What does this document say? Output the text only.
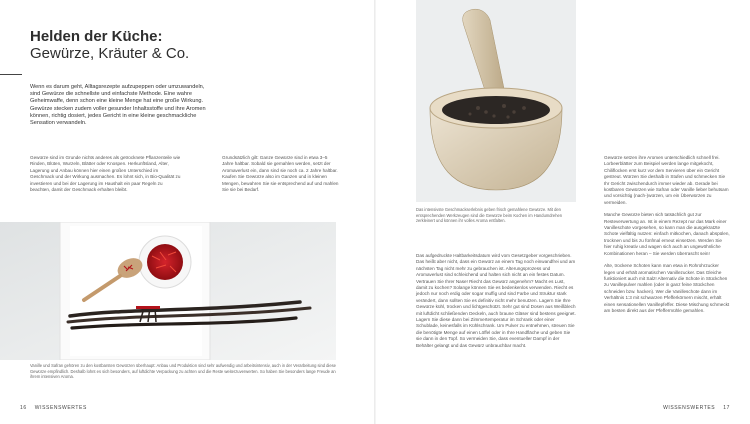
Helden der Küche:
Gewürze, Kräuter & Co.
Wenn es darum geht, Alltagsrezepte aufzupeppen oder umzuwandeln, sind Gewürze die schnellste und einfachste Methode. Eine wahre Geheimwaffe, denn schon eine kleine Menge hat eine große Wirkung. Gewürze stecken zudem voller gesunder Inhaltsstoffe und ihre Aromen können, richtig dosiert, jedes Gericht in eine kleine geschmackliche Sensation verwandeln.
Gewürze sind im Grunde nichts anderes als getrocknete Pflanzenteile wie Rinden, Blüten, Wurzeln, Blätter oder Knospen. Herkunftsland, Alter, Lagerung und Anbau können hier einen großen Unterschied im Geschmack und der Wirkung ausmachen. Es lohnt sich, in Bio-Qualität zu investieren und bei der Lagerung im Haushalt ein paar Regeln zu beachten, damit der Geschmack erhalten bleibt.
Grundsätzlich gilt: Ganze Gewürze sind in etwa 3–5 Jahre haltbar. Sobald sie gemahlen werden, setzt der Aromaverlust ein, dann sind sie noch ca. 2 Jahre haltbar. Kaufen Sie Gewürze also im Ganzen und in kleinen Mengen, bewahren Sie sie entsprechend auf und mahlen Sie sie bei Bedarf.
Vanille und Safran gehören zu den kostbarsten Gewürzen überhaupt: Anbau und Produktion sind sehr aufwendig und arbeitsintensiv, auch in der Verarbeitung sind diese Gewürze empfindlich. Deshalb lohnt es sich besonders, auf luftdichte Verpackung zu achten und die Reste weiterzuverwerten. So haben Sie besonders lange Freude an ihrem intensiven Aroma.
16 WISSENSWERTES
Das intensivste Geschmackserlebnis geben frisch gemahlene Gewürze. Mit den entsprechenden Werkzeugen sind die Gewürze beim Kochen im Handumdrehen zerkleinert und können ihr volles Aroma entfalten.
Das aufgedruckte Haltbarkeitsdatum wird vom Gesetzgeber vorgeschrieben. Das heißt aber nicht, dass ein Gewürz an einem Tag noch einwandfrei und am nächsten Tag nicht mehr zu gebrauchen ist. Alterungsprozess und Aromaverlust sind schleichend und halten sich nicht an ein festes Datum. Vertrauen Sie Ihrer Nase! Riecht das Gewürz angenehm? Macht es Lust, damit zu kochen? Solange können Sie es bedenkenlos verwenden. Riecht es jedoch nur noch erdig oder sogar muffig und sind Farbe und Struktur stark verändert, dann sollten Sie es definitiv nicht mehr benutzen. Lagern Sie Ihre Gewürze kühl, trocken und lichtgeschützt. Sehr gut sind Dosen aus Weißblech mit luftdicht schließenden Deckeln, auch braune Gläser sind bestens geeignet. Lagern Sie diese dann bei Zimmertemperatur im Schrank oder einer Schublade, keinesfalls im Kühlschrank. Um Pulver zu entnehmen, streuen Sie die benötigte Menge auf einen Löffel oder in Ihre Handfläche und geben Sie sie dann in den Topf. So vermeiden Sie, dass eventueller Dampf in der Behälter gelangt und das Gewürz unbrauchbar macht.

Gewürze setzen ihre Aromen unterschiedlich schnell frei. Lorbeerblätter zum Beispiel werden lange mitgekocht, Chiliflocken erst kurz vor dem Servieren über ein Gericht gestreut. Würzen Sie deshalb in Stufen und schmecken Sie Ihr Gericht zwischendurch immer wieder ab. Gerade bei kostbaren Gewürzen wie Safran oder Vanille lieber behutsam und vorsichtig (nach-)würzen, um ein Überwürzen zu vermeiden.

Manche Gewürze bieten sich tatsächlich gut zur Resteverwertung an. Ist in einem Rezept nur das Mark einer Vanilleschote vorgesehen, so kann man die ausgekratzte Schote vielfältig nutzen: einfach mitkochen, danach abspülen, trocknen und bis zu fünfmal erneut einsetzen. Werden Sie hier ruhig kreativ und wagen sich auch an ungewöhnliche Kombinationen heran – Sie werden überrascht sein!

Alte, trockene Schoten kann man etwa in Rohrohrzucker legen und erhält aromatischen Vanillezucker. Das Gleiche funktioniert auch mit Salz! Alternativ die Schote in Stückchen zu Vanillepulver mahlen (oder in ganz feine Stückchen schneiden bzw. hacken). Wer die Vanilleschote dann im Verhältnis 1:3 mit schwarzen Pfefferkörnern mischt, erhält einen sensationellen Vanillepfeffer. Diese Mischung schmeckt am besten direkt aus der Pfeffermühle gemahlen.

WISSENSWERTES 17
